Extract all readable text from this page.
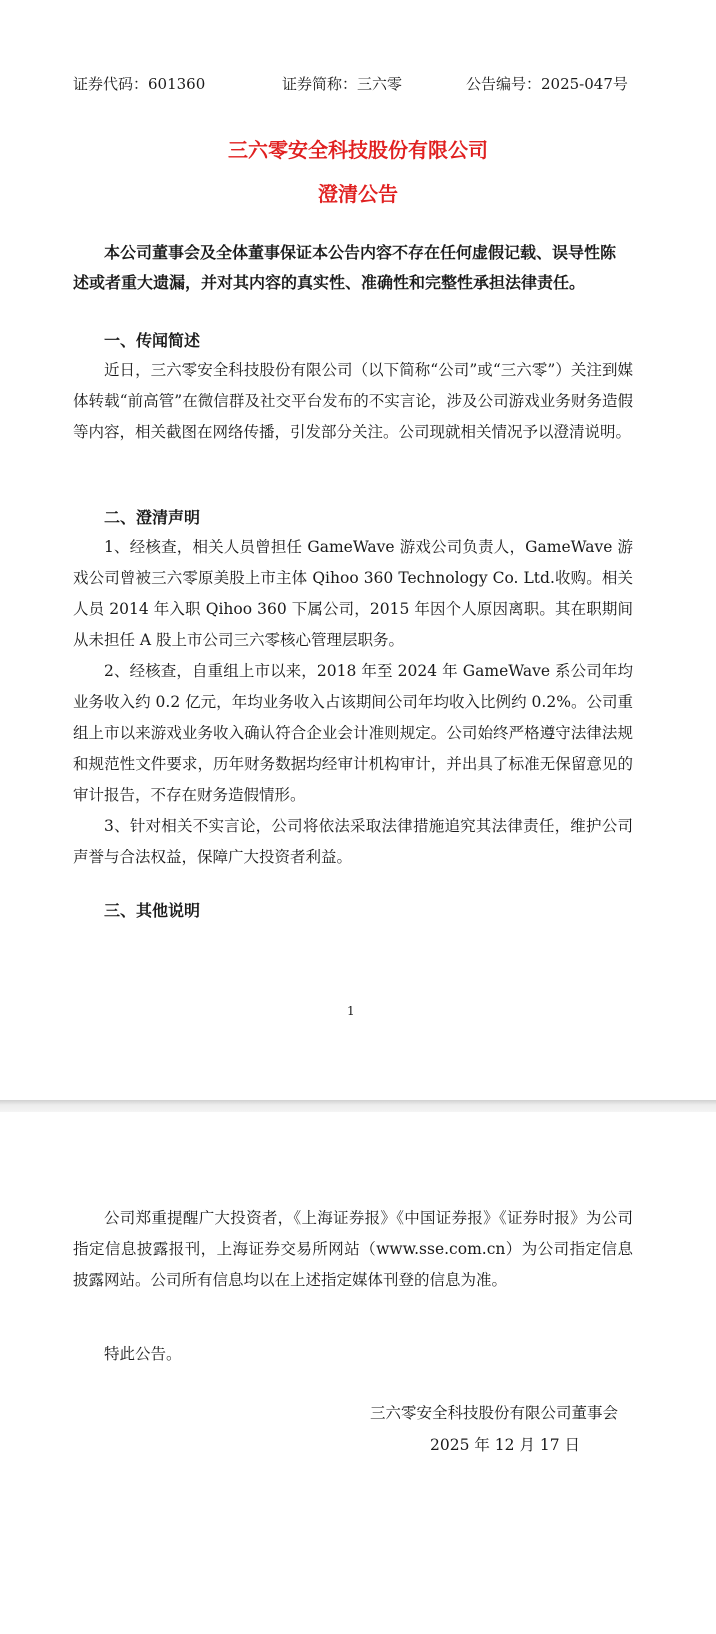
证券代码：601360	证券简称：三六零	公告编号：2025-047号
三六零安全科技股份有限公司
澄清公告
本公司董事会及全体董事保证本公告内容不存在任何虚假记载、误导性陈
述或者重大遗漏，并对其内容的真实性、准确性和完整性承担法律责任。
一、传闻简述
近日，三六零安全科技股份有限公司（以下简称“公司”或“三六零”）关注到媒体转载“前高管”在微信群及社交平台发布的不实言论，涉及公司游戏业务财务造假等内容，相关截图在网络传播，引发部分关注。公司现就相关情况予以澄清说明。
二、澄清声明
1、经核查，相关人员曾担任 GameWave 游戏公司负责人，GameWave 游戏公司曾被三六零原美股上市主体 Qihoo 360 Technology Co. Ltd.收购。相关人员 2014 年入职 Qihoo 360 下属公司，2015 年因个人原因离职。其在职期间从未担任 A 股上市公司三六零核心管理层职务。
2、经核查，自重组上市以来，2018 年至 2024 年 GameWave 系公司年均业务收入约 0.2 亿元，年均业务收入占该期间公司年均收入比例约 0.2%。公司重组上市以来游戏业务收入确认符合企业会计准则规定。公司始终严格遵守法律法规和规范性文件要求，历年财务数据均经审计机构审计，并出具了标准无保留意见的审计报告，不存在财务造假情形。
3、针对相关不实言论，公司将依法采取法律措施追究其法律责任，维护公司声誉与合法权益，保障广大投资者利益。
三、其他说明
1
公司郑重提醒广大投资者，《上海证券报》《中国证券报》《证券时报》为公司指定信息披露报刊，上海证券交易所网站（www.sse.com.cn）为公司指定信息披露网站。公司所有信息均以在上述指定媒体刊登的信息为准。
特此公告。
三六零安全科技股份有限公司董事会
2025 年 12 月 17 日
